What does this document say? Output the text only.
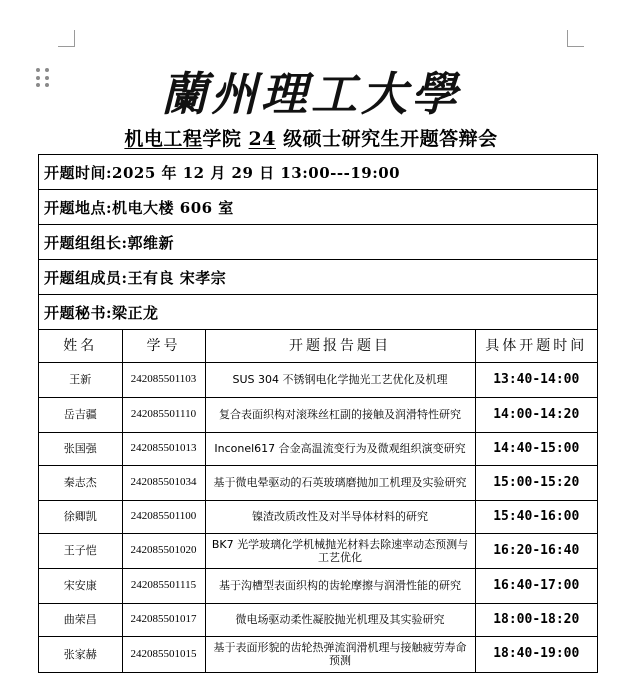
蘭州理工大學
机电工程学院 24 级硕士研究生开题答辩会
开题时间:2025 年 12 月 29 日 13:00---19:00
开题地点:机电大楼 606 室
开题组组长:郭维新
开题组成员:王有良 宋孝宗
开题秘书:梁正龙
姓名	学号	开题报告题目	具体开题时间
王新	242085501103	SUS 304 不锈钢电化学抛光工艺优化及机理	13:40-14:00
岳吉疆	242085501110	复合表面织构对滚珠丝杠副的接触及润滑特性研究	14:00-14:20
张国强	242085501013	Inconel617 合金高温流变行为及微观组织演变研究	14:40-15:00
秦志杰	242085501034	基于微电晕驱动的石英玻璃磨抛加工机理及实验研究	15:00-15:20
徐卿凯	242085501100	镍渣改质改性及对半导体材料的研究	15:40-16:00
王子恺	242085501020	BK7 光学玻璃化学机械抛光材料去除速率动态预测与工艺优化	16:20-16:40
宋安康	242085501115	基于沟槽型表面织构的齿轮摩擦与润滑性能的研究	16:40-17:00
曲荣昌	242085501017	微电场驱动柔性凝胶抛光机理及其实验研究	18:00-18:20
张家赫	242085501015	基于表面形貌的齿轮热弹流润滑机理与接触疲劳寿命预测	18:40-19:00
